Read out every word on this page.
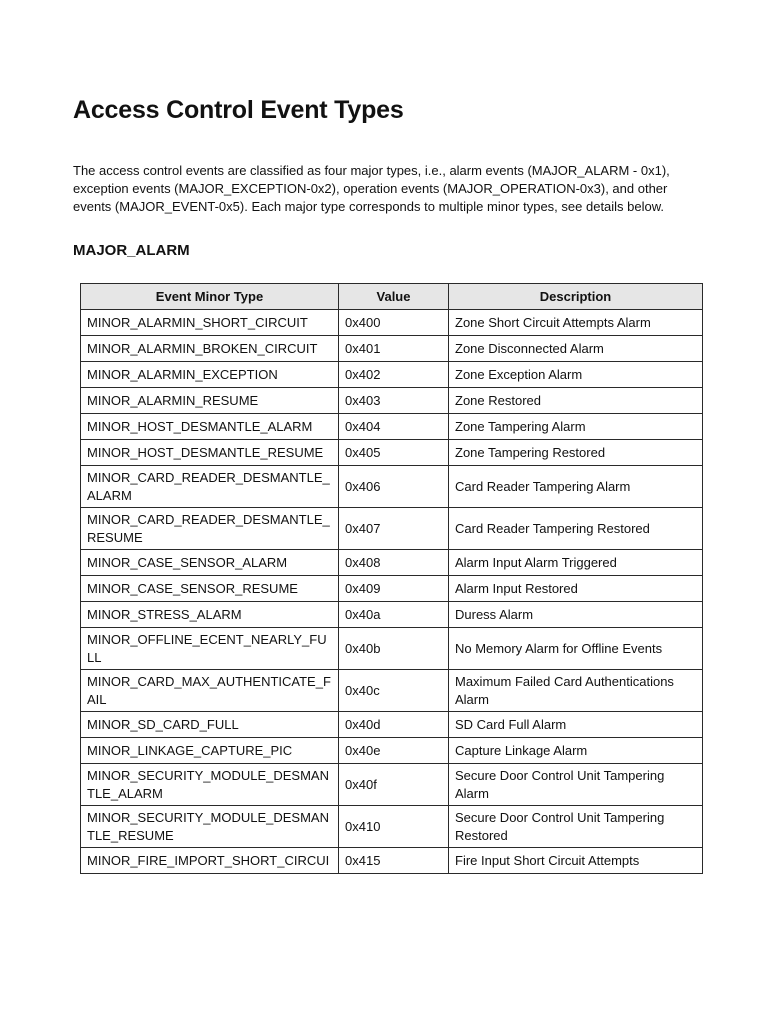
Access Control Event Types

The access control events are classified as four major types, i.e., alarm events (MAJOR_ALARM - 0x1), exception events (MAJOR_EXCEPTION-0x2), operation events (MAJOR_OPERATION-0x3), and other events (MAJOR_EVENT-0x5). Each major type corresponds to multiple minor types, see details below.

MAJOR_ALARM
Event Minor Type	Value	Description
MINOR_ALARMIN_SHORT_CIRCUIT	0x400	Zone Short Circuit Attempts Alarm
MINOR_ALARMIN_BROKEN_CIRCUIT	0x401	Zone Disconnected Alarm
MINOR_ALARMIN_EXCEPTION	0x402	Zone Exception Alarm
MINOR_ALARMIN_RESUME	0x403	Zone Restored
MINOR_HOST_DESMANTLE_ALARM	0x404	Zone Tampering Alarm
MINOR_HOST_DESMANTLE_RESUME	0x405	Zone Tampering Restored
MINOR_CARD_READER_DESMANTLE_ALARM	0x406	Card Reader Tampering Alarm
MINOR_CARD_READER_DESMANTLE_RESUME	0x407	Card Reader Tampering Restored
MINOR_CASE_SENSOR_ALARM	0x408	Alarm Input Alarm Triggered
MINOR_CASE_SENSOR_RESUME	0x409	Alarm Input Restored
MINOR_STRESS_ALARM	0x40a	Duress Alarm
MINOR_OFFLINE_ECENT_NEARLY_FULL	0x40b	No Memory Alarm for Offline Events
MINOR_CARD_MAX_AUTHENTICATE_FAIL	0x40c	Maximum Failed Card Authentications Alarm
MINOR_SD_CARD_FULL	0x40d	SD Card Full Alarm
MINOR_LINKAGE_CAPTURE_PIC	0x40e	Capture Linkage Alarm
MINOR_SECURITY_MODULE_DESMANTLE_ALARM	0x40f	Secure Door Control Unit Tampering Alarm
MINOR_SECURITY_MODULE_DESMANTLE_RESUME	0x410	Secure Door Control Unit Tampering Restored
MINOR_FIRE_IMPORT_SHORT_CIRCUI	0x415	Fire Input Short Circuit Attempts
